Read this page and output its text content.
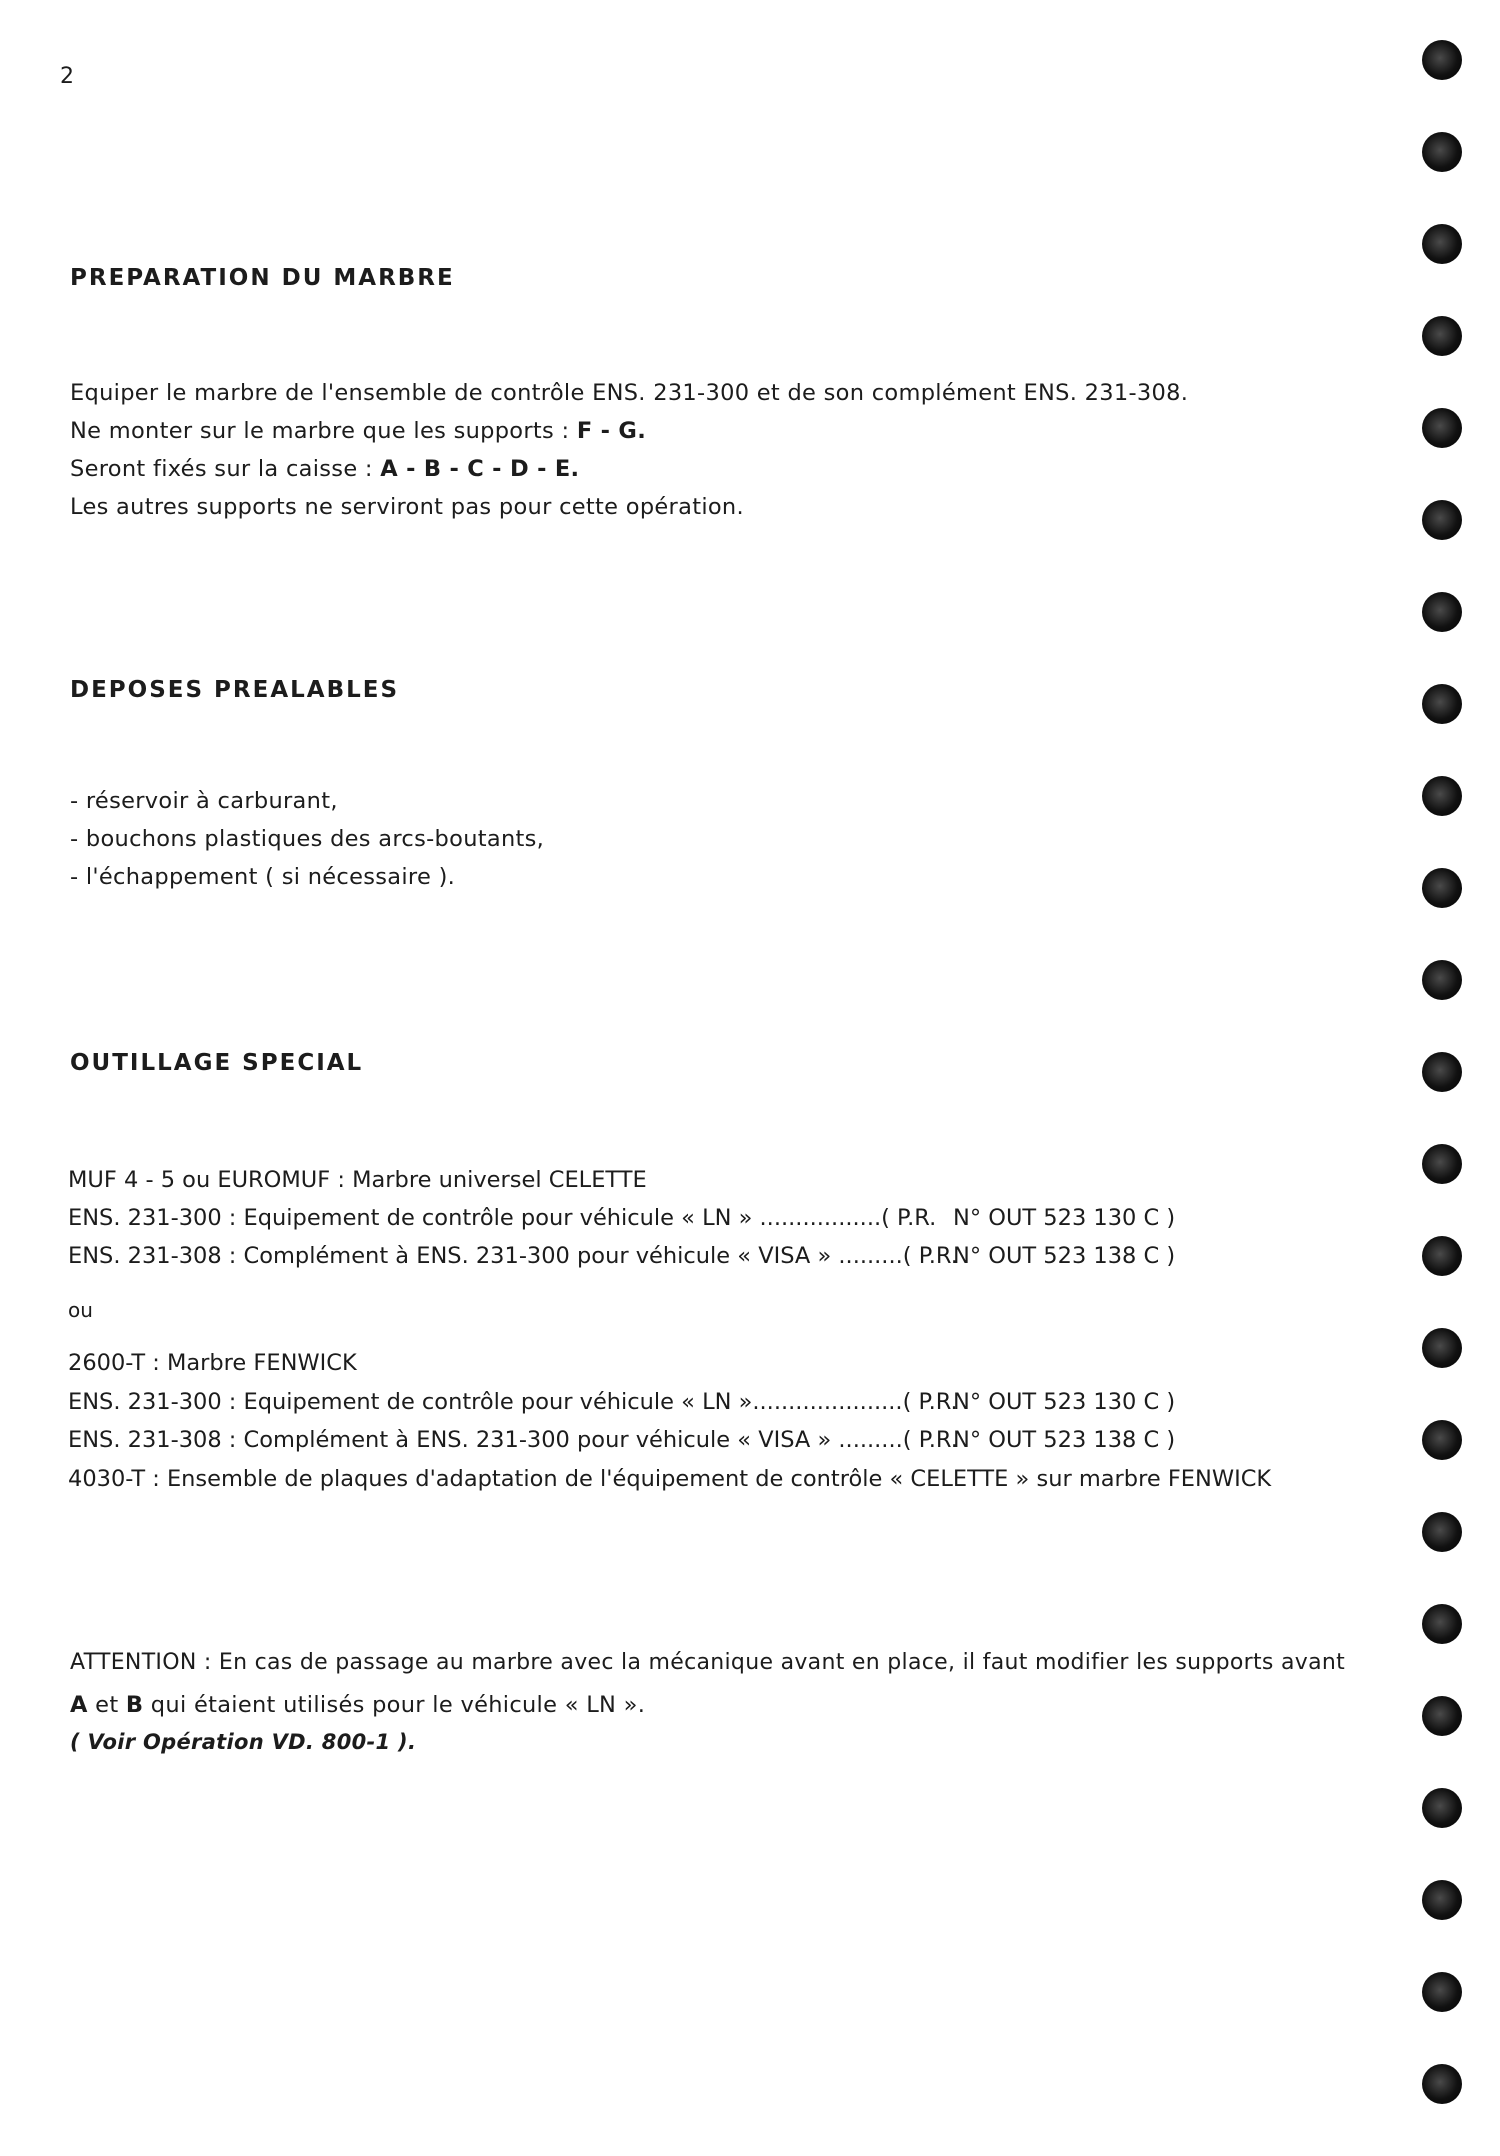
2
PREPARATION DU MARBRE
Equiper le marbre de l'ensemble de contrôle ENS. 231-300 et de son complément ENS. 231-308.
Ne monter sur le marbre que les supports : F - G.
Seront fixés sur la caisse : A - B - C - D - E.
Les autres supports ne serviront pas pour cette opération.
DEPOSES PREALABLES
- réservoir à carburant,
- bouchons plastiques des arcs-boutants,
- l'échappement ( si nécessaire ).
OUTILLAGE SPECIAL
MUF 4 - 5 ou EUROMUF : Marbre universel CELETTE
ENS. 231-300 : Equipement de contrôle pour véhicule « LN » .................( P.R. N° OUT 523 130 C )
ENS. 231-308 : Complément à ENS. 231-300 pour véhicule « VISA » .........( P.R.
N° OUT 523 138 C )
ou
2600-T : Marbre FENWICK
ENS. 231-300 : Equipement de contrôle pour véhicule « LN ».....................( P.R.
N° OUT 523 130 C )
ENS. 231-308 : Complément à ENS. 231-300 pour véhicule « VISA » .........( P.R.
N° OUT 523 138 C )
4030-T : Ensemble de plaques d'adaptation de l'équipement de contrôle « CELETTE » sur marbre FENWICK
ATTENTION : En cas de passage au marbre avec la mécanique avant en place, il faut modifier les supports avant
A et B qui étaient utilisés pour le véhicule « LN ».
( Voir Opération VD. 800-1 ).
